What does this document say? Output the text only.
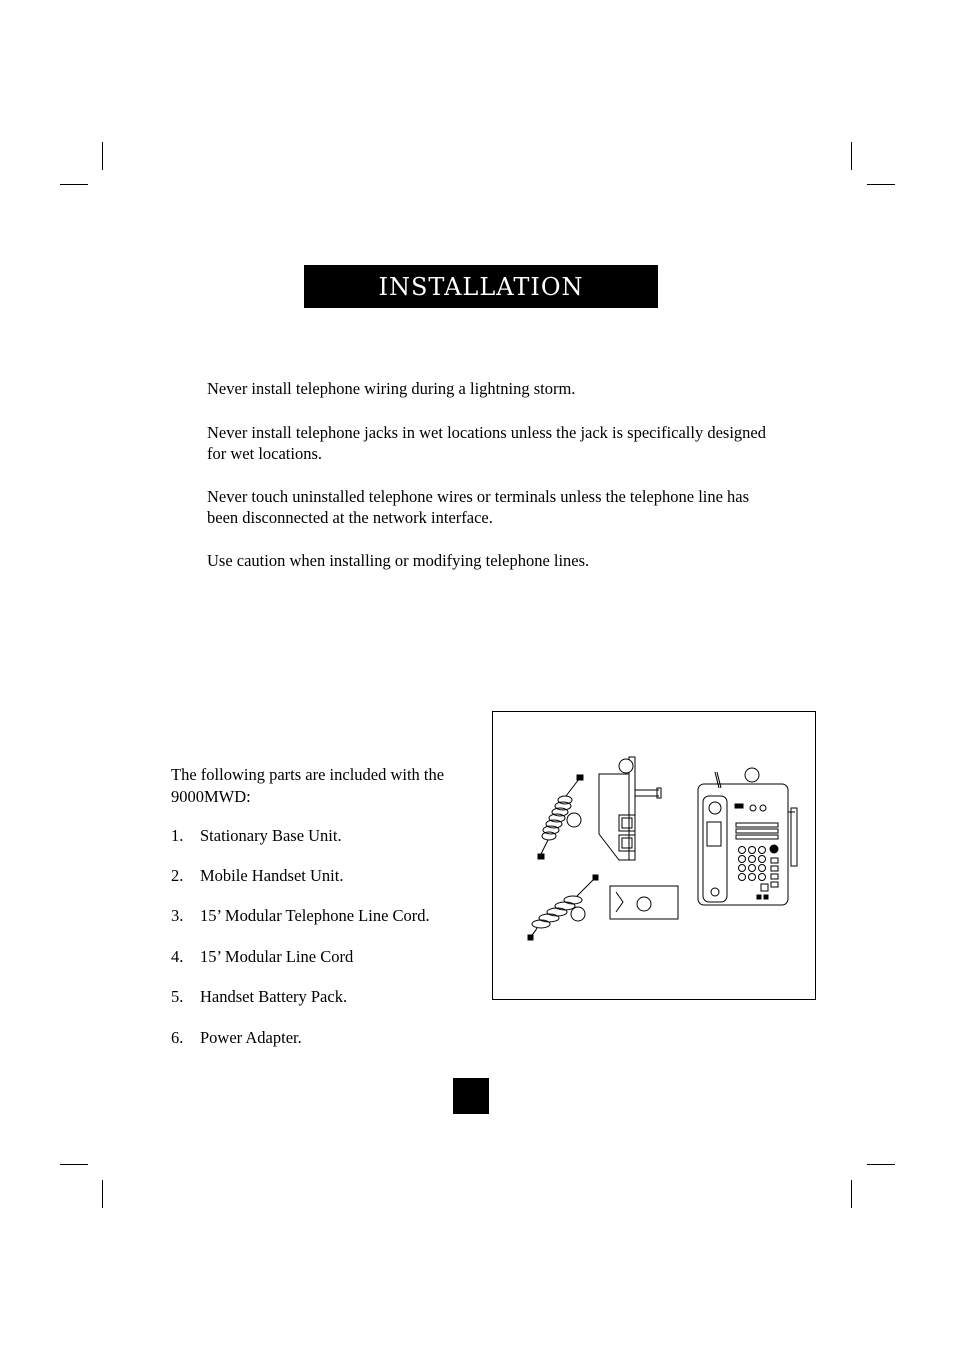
INSTALLATION

Never install telephone wiring during a lightning storm.

Never install telephone jacks in wet locations unless the jack is specifically designed for wet locations.

Never touch uninstalled telephone wires or terminals unless the telephone line has been disconnected at the network interface.

Use caution when installing or modifying telephone lines.

The following parts are included with the 9000MWD:

1. Stationary Base Unit.
2. Mobile Handset Unit.
3. 15’ Modular Telephone Line Cord.
4. 15’ Modular Line Cord
5. Handset Battery Pack.
6. Power Adapter.
